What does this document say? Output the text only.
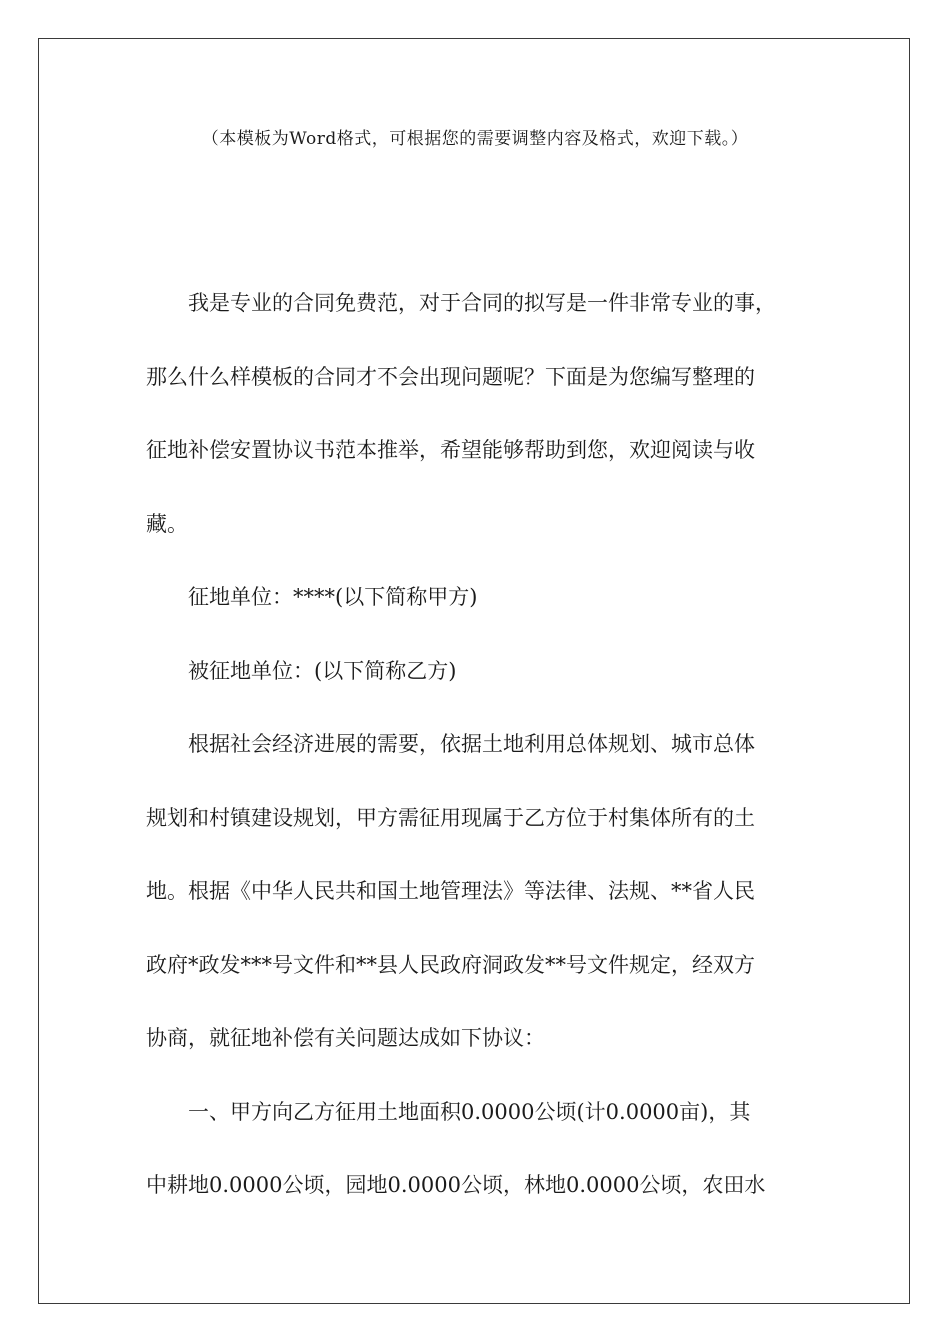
（本模板为Word格式，可根据您的需要调整内容及格式，欢迎下载。）
我是专业的合同免费范，对于合同的拟写是一件非常专业的事，
那么什么样模板的合同才不会出现问题呢？下面是为您编写整理的
征地补偿安置协议书范本推举，希望能够帮助到您，欢迎阅读与收
藏。
征地单位：****(以下简称甲方)
被征地单位：(以下简称乙方)
根据社会经济进展的需要，依据土地利用总体规划、城市总体
规划和村镇建设规划，甲方需征用现属于乙方位于村集体所有的土
地。根据《中华人民共和国土地管理法》等法律、法规、**省人民
政府*政发***号文件和**县人民政府洞政发**号文件规定，经双方
协商，就征地补偿有关问题达成如下协议：
一、甲方向乙方征用土地面积0.0000公顷(计0.0000亩)，其
中耕地0.0000公顷，园地0.0000公顷，林地0.0000公顷，农田水
